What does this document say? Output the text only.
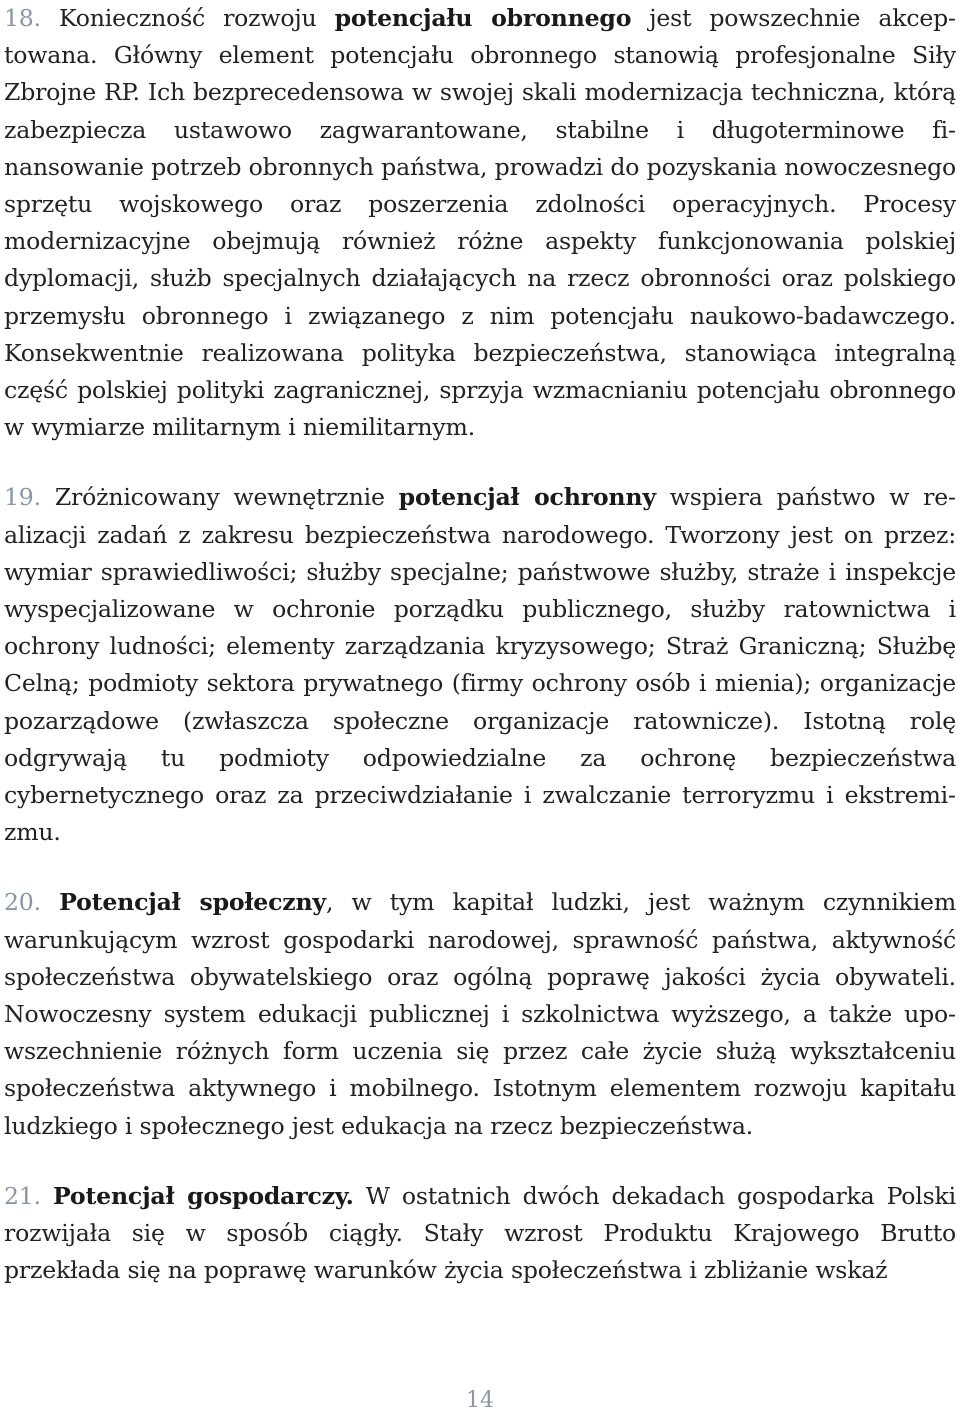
18. Konieczność rozwoju potencjału obronnego jest powszechnie akceptowana. Główny element potencjału obronnego stanowią profesjonalne Siły Zbrojne RP. Ich bezprecedensowa w swojej skali modernizacja techniczna, którą zabezpiecza ustawowo zagwarantowane, stabilne i długoterminowe finansowanie potrzeb obronnych państwa, prowadzi do pozyskania nowoczesnego sprzętu wojskowego oraz poszerzenia zdolności operacyjnych. Procesy modernizacyjne obejmują również różne aspekty funkcjonowania polskiej dyplomacji, służb specjalnych działających na rzecz obronności oraz polskiego przemysłu obronnego i związanego z nim potencjału naukowo-badawczego. Konsekwentnie realizowana polityka bezpieczeństwa, stanowiąca integralną część polskiej polityki zagranicznej, sprzyja wzmacnianiu potencjału obronnego w wymiarze militarnym i niemilitarnym.

19. Zróżnicowany wewnętrznie potencjał ochronny wspiera państwo w realizacji zadań z zakresu bezpieczeństwa narodowego. Tworzony jest on przez: wymiar sprawiedliwości; służby specjalne; państwowe służby, straże i inspekcje wyspecjalizowane w ochronie porządku publicznego, służby ratownictwa i ochrony ludności; elementy zarządzania kryzysowego; Straż Graniczną; Służbę Celną; podmioty sektora prywatnego (firmy ochrony osób i mienia); organizacje pozarządowe (zwłaszcza społeczne organizacje ratownicze). Istotną rolę odgrywają tu podmioty odpowiedzialne za ochronę bezpieczeństwa cybernetycznego oraz za przeciwdziałanie i zwalczanie terroryzmu i ekstremizmu.

20. Potencjał społeczny, w tym kapitał ludzki, jest ważnym czynnikiem warunkującym wzrost gospodarki narodowej, sprawność państwa, aktywność społeczeństwa obywatelskiego oraz ogólną poprawę jakości życia obywateli. Nowoczesny system edukacji publicznej i szkolnictwa wyższego, a także upowszechnienie różnych form uczenia się przez całe życie służą wykształceniu społeczeństwa aktywnego i mobilnego. Istotnym elementem rozwoju kapitału ludzkiego i społecznego jest edukacja na rzecz bezpieczeństwa.

21. Potencjał gospodarczy. W ostatnich dwóch dekadach gospodarka Polski rozwijała się w sposób ciągły. Stały wzrost Produktu Krajowego Brutto przekłada się na poprawę warunków życia społeczeństwa i zbliżanie wskaź

14
